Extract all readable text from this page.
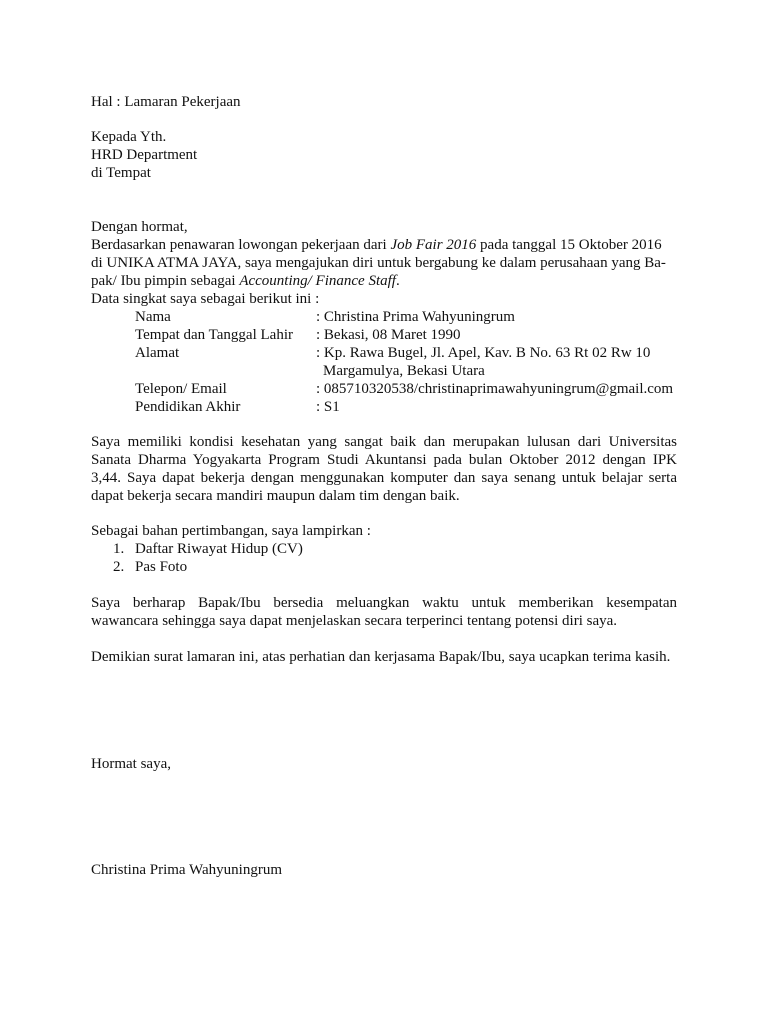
Hal : Lamaran Pekerjaan
Kepada Yth.
HRD Department
di Tempat
Dengan hormat,
Berdasarkan penawaran lowongan pekerjaan dari Job Fair 2016 pada tanggal 15 Oktober 2016
di UNIKA ATMA JAYA, saya mengajukan diri untuk bergabung ke dalam perusahaan yang Ba-
pak/ Ibu pimpin sebagai Accounting/ Finance Staff.
Data singkat saya sebagai berikut ini :
Nama	: Christina Prima Wahyuningrum
Tempat dan Tanggal Lahir : Bekasi, 08 Maret 1990
Alamat	: Kp. Rawa Bugel, Jl. Apel, Kav. B No. 63 Rt 02 Rw 10
Margamulya, Bekasi Utara
Telepon/ Email	: 085710320538/christinaprimawahyuningrum@gmail.com
Pendidikan Akhir	: S1
Saya memiliki kondisi kesehatan yang sangat baik dan merupakan lulusan dari Universitas
Sanata Dharma Yogyakarta Program Studi Akuntansi pada bulan Oktober 2012 dengan IPK
3,44. Saya dapat bekerja dengan menggunakan komputer dan saya senang untuk belajar serta
dapat bekerja secara mandiri maupun dalam tim dengan baik.
Sebagai bahan pertimbangan, saya lampirkan :
1. Daftar Riwayat Hidup (CV)
2. Pas Foto
Saya berharap Bapak/Ibu bersedia meluangkan waktu untuk memberikan kesempatan
wawancara sehingga saya dapat menjelaskan secara terperinci tentang potensi diri saya.
Demikian surat lamaran ini, atas perhatian dan kerjasama Bapak/Ibu, saya ucapkan terima kasih.
Hormat saya,
Christina Prima Wahyuningrum
